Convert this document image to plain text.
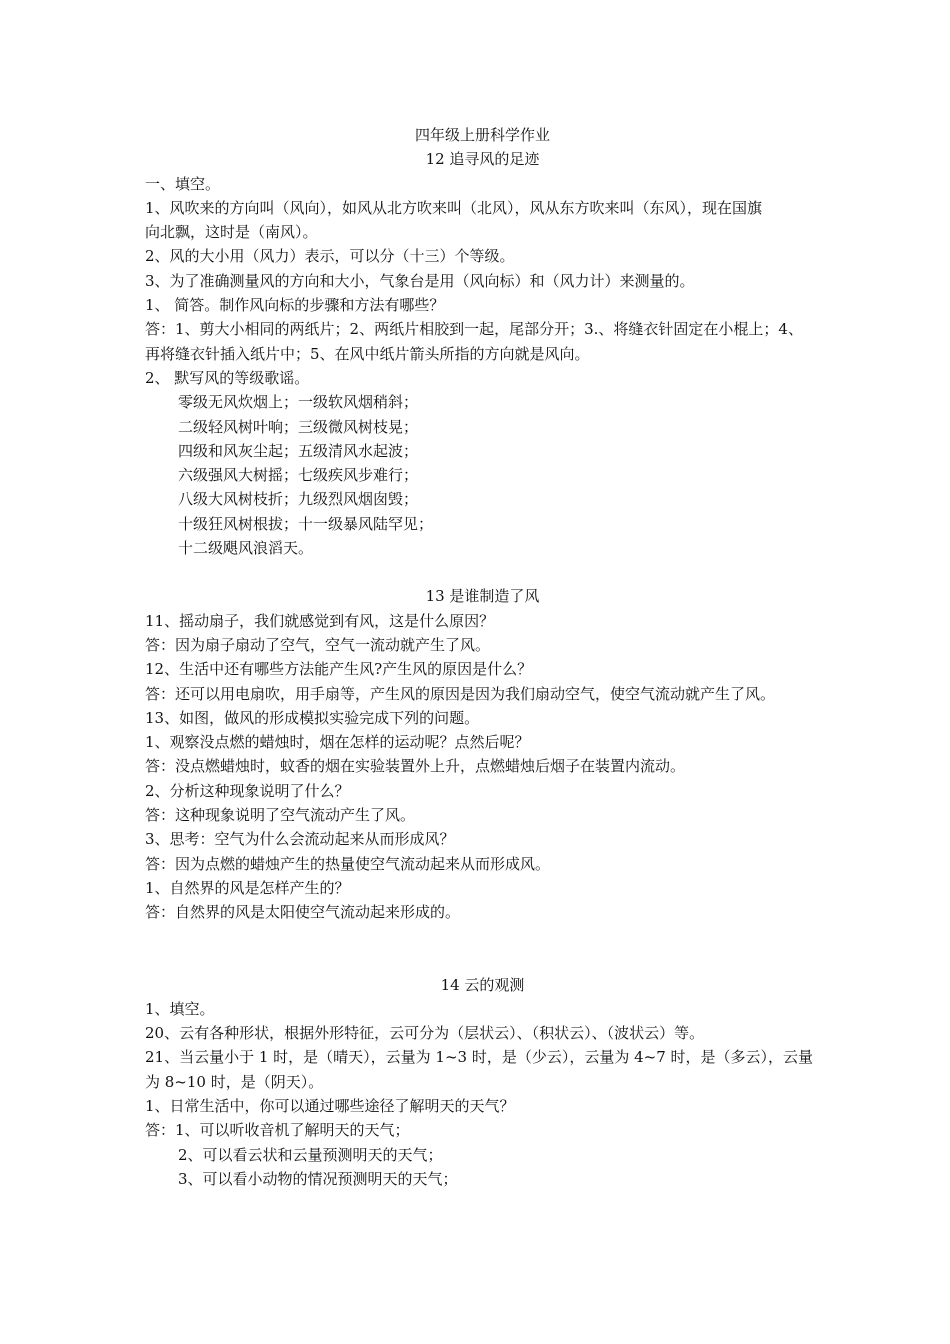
四年级上册科学作业

12 追寻风的足迹

一、填空。

1、风吹来的方向叫（风向），如风从北方吹来叫（北风），风从东方吹来叫（东风），现在国旗

向北飘，这时是（南风）。

2、风的大小用（风力）表示，可以分（十三）个等级。

3、为了准确测量风的方向和大小，气象台是用（风向标）和（风力计）来测量的。

1、 简答。制作风向标的步骤和方法有哪些？

答：1、剪大小相同的两纸片；2、两纸片相胶到一起，尾部分开；3.、将缝衣针固定在小棍上；4、

再将缝衣针插入纸片中；5、在风中纸片箭头所指的方向就是风向。

2、 默写风的等级歌谣。

零级无风炊烟上；一级软风烟稍斜；

二级轻风树叶响；三级微风树枝晃；

四级和风灰尘起；五级清风水起波；

六级强风大树摇；七级疾风步难行；

八级大风树枝折；九级烈风烟囱毁；

十级狂风树根拔；十一级暴风陆罕见；

十二级飓风浪滔天。

13 是谁制造了风

11、摇动扇子，我们就感觉到有风，这是什么原因？

答：因为扇子扇动了空气，空气一流动就产生了风。

12、生活中还有哪些方法能产生风?产生风的原因是什么？

答：还可以用电扇吹，用手扇等，产生风的原因是因为我们扇动空气，使空气流动就产生了风。

13、如图，做风的形成模拟实验完成下列的问题。

1、观察没点燃的蜡烛时，烟在怎样的运动呢？点然后呢？

答：没点燃蜡烛时，蚊香的烟在实验装置外上升，点燃蜡烛后烟子在装置内流动。

2、分析这种现象说明了什么？

答：这种现象说明了空气流动产生了风。

3、思考：空气为什么会流动起来从而形成风？

答：因为点燃的蜡烛产生的热量使空气流动起来从而形成风。

1、自然界的风是怎样产生的？

答：自然界的风是太阳使空气流动起来形成的。

14 云的观测

1、填空。

20、云有各种形状，根据外形特征，云可分为（层状云）、（积状云）、（波状云）等。

21、当云量小于 1 时，是（晴天），云量为 1~3 时，是（少云），云量为 4~7 时，是（多云），云量

为 8~10 时，是（阴天）。

1、日常生活中，你可以通过哪些途径了解明天的天气？

答：1、可以听收音机了解明天的天气；

2、可以看云状和云量预测明天的天气；

3、可以看小动物的情况预测明天的天气；
